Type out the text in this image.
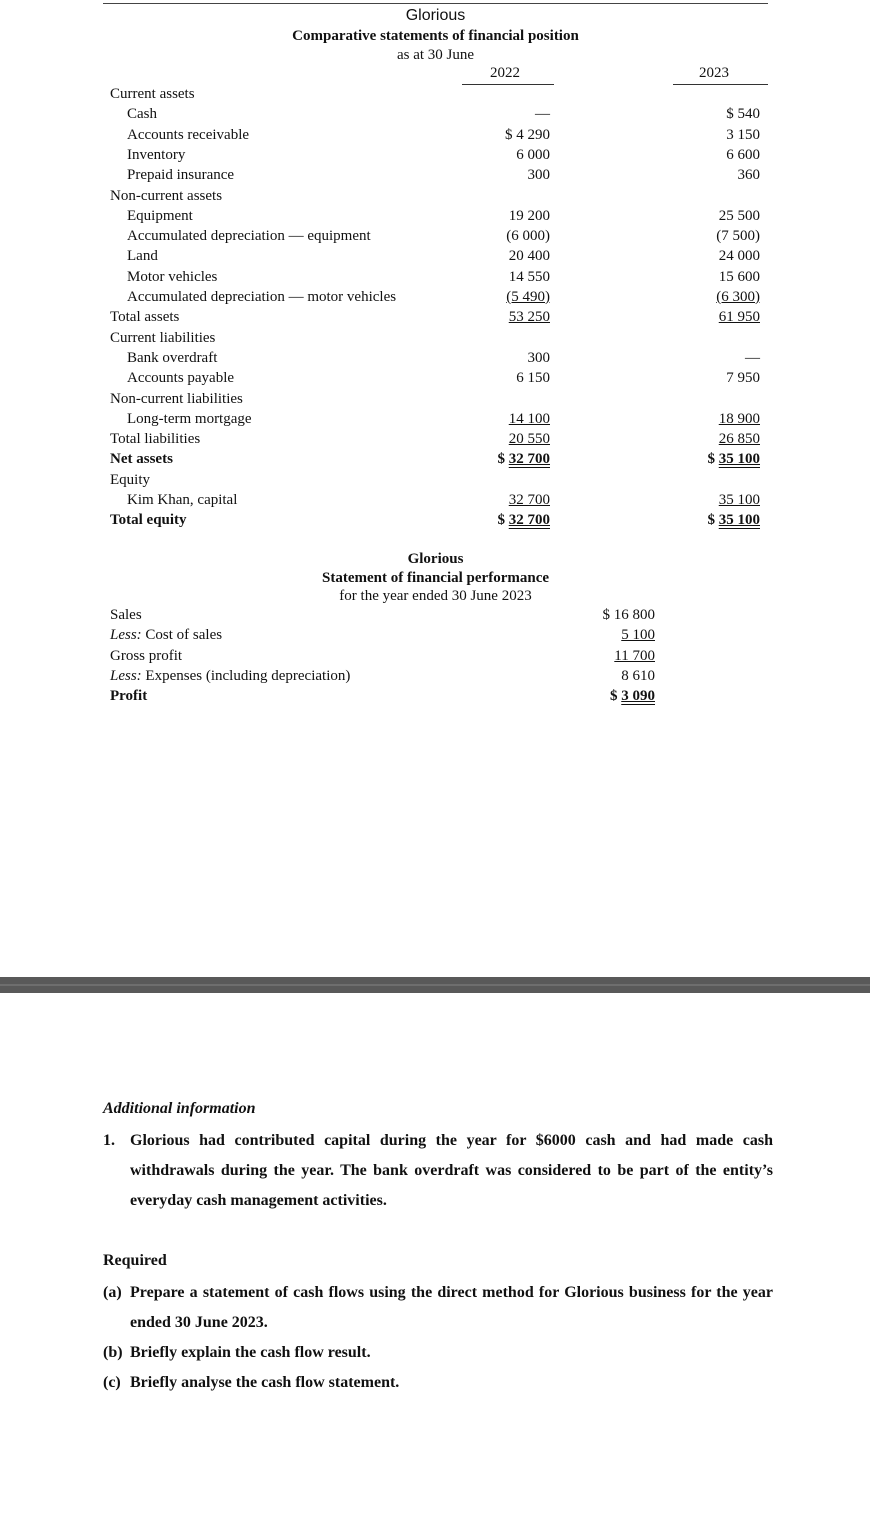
Glorious
Comparative statements of financial position
as at 30 June
2022	2023
Current assets
Cash	—	$ 540
Accounts receivable	$ 4 290	3 150
Inventory	6 000	6 600
Prepaid insurance	300	360
Non-current assets
Equipment	19 200	25 500
Accumulated depreciation — equipment	(6 000)	(7 500)
Land	20 400	24 000
Motor vehicles	14 550	15 600
Accumulated depreciation — motor vehicles	(5 490)	(6 300)
Total assets	53 250	61 950
Current liabilities
Bank overdraft	300	—
Accounts payable	6 150	7 950
Non-current liabilities
Long-term mortgage	14 100	18 900
Total liabilities	20 550	26 850
Net assets	$ 32 700	$ 35 100
Equity
Kim Khan, capital	32 700	35 100
Total equity	$ 32 700	$ 35 100
Glorious
Statement of financial performance
for the year ended 30 June 2023
Sales	$ 16 800
Less: Cost of sales	5 100
Gross profit	11 700
Less: Expenses (including depreciation)	8 610
Profit	$ 3 090
Additional information
1. Glorious had contributed capital during the year for $6000 cash and had made cash withdrawals during the year. The bank overdraft was considered to be part of the entity’s everyday cash management activities.
Required
(a) Prepare a statement of cash flows using the direct method for Glorious business for the year ended 30 June 2023.
(b) Briefly explain the cash flow result.
(c) Briefly analyse the cash flow statement.
